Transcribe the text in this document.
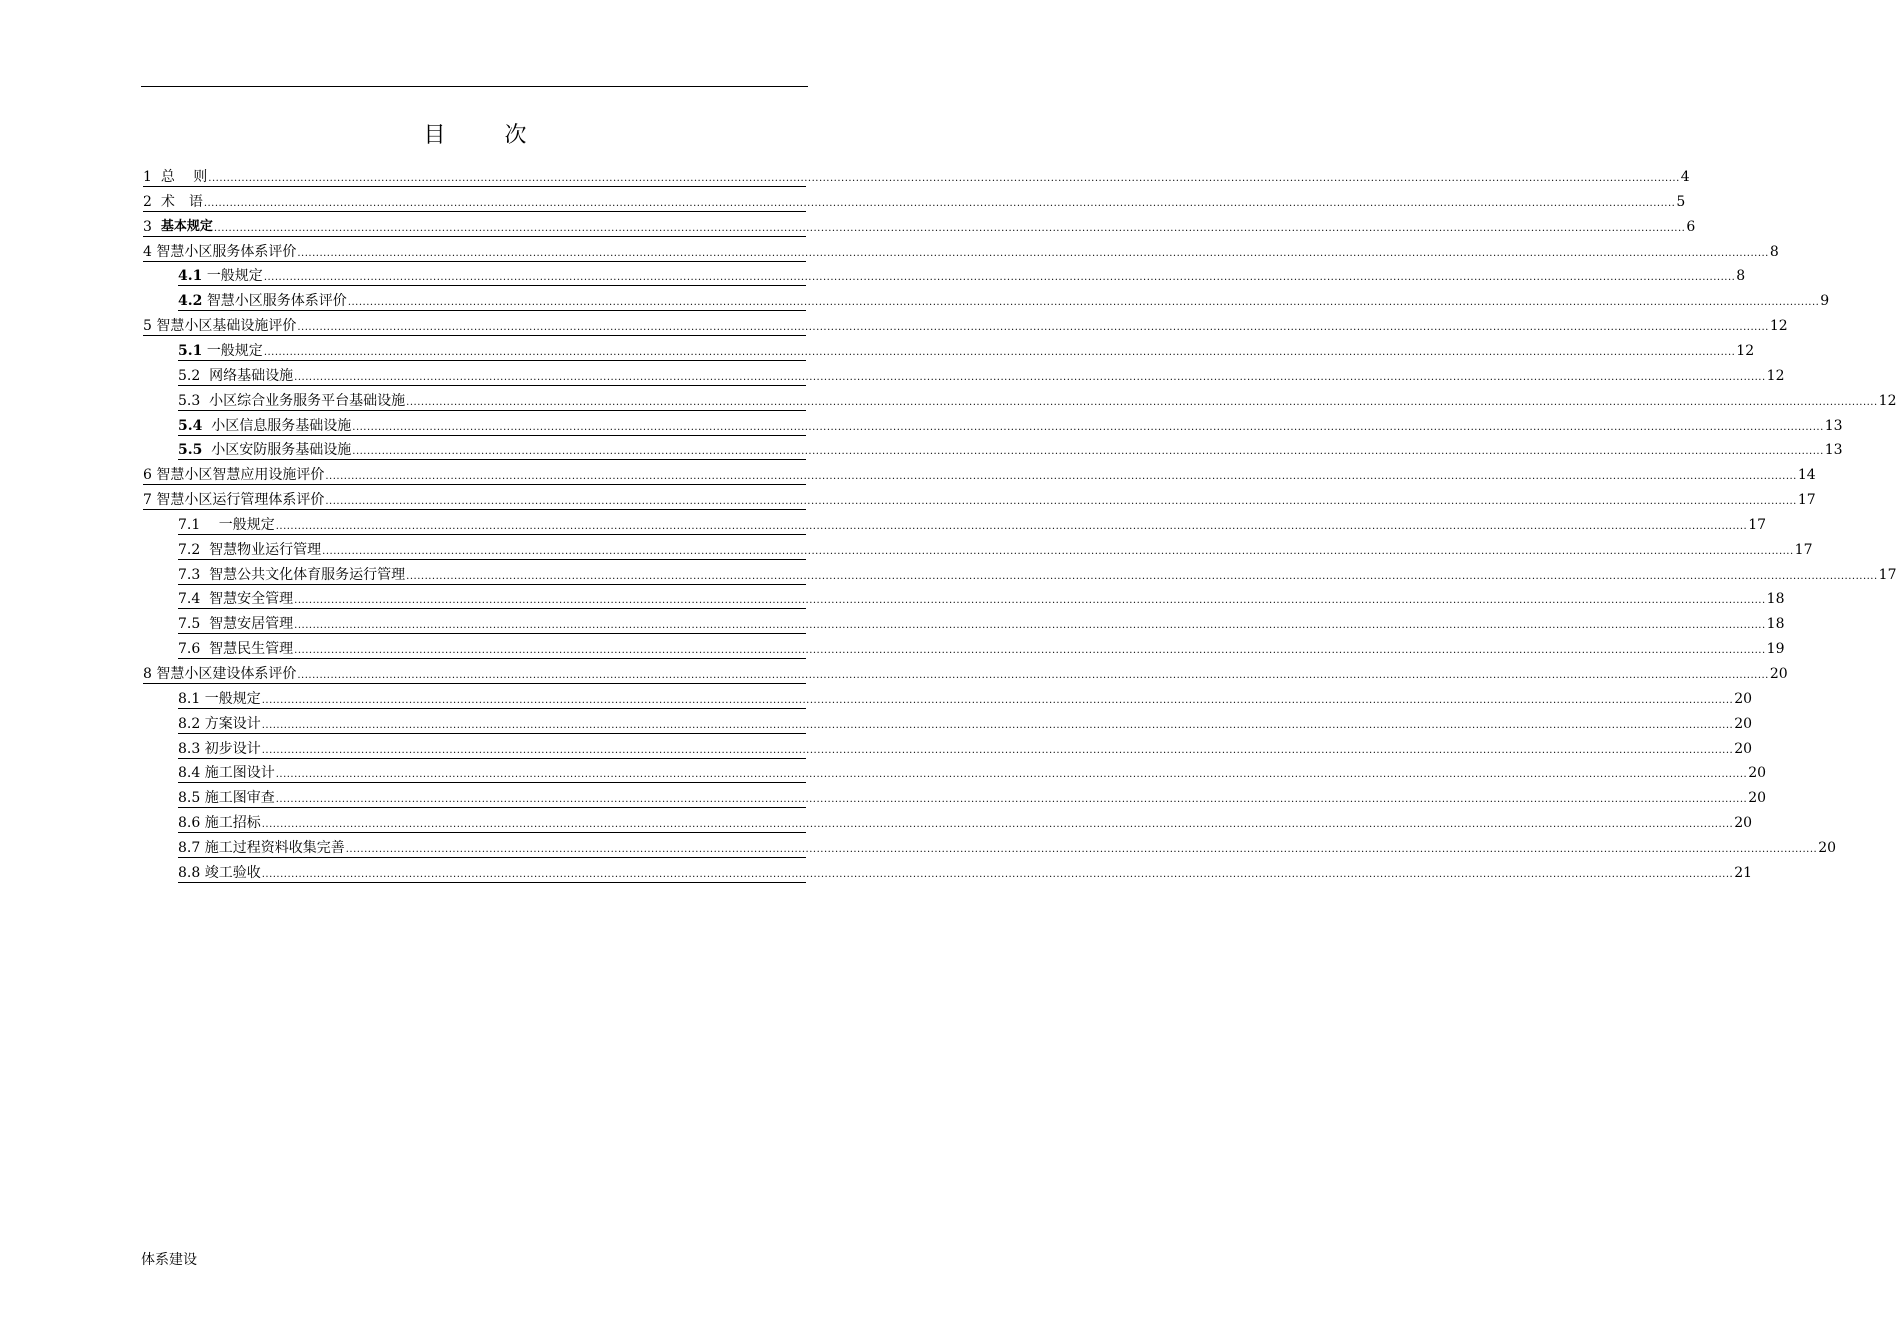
目 次
1
总　 则 ................................................................................................................................................................................................................................................................................................................................................................................................................ 4
2
术　语 ................................................................................................................................................................................................................................................................................................................................................................................................................ 5
3
基本规定 ................................................................................................................................................................................................................................................................................................................................................................................................................ 6
4
智慧小区服务体系评价 ................................................................................................................................................................................................................................................................................................................................................................................................................ 8
4.1
一般规定 ................................................................................................................................................................................................................................................................................................................................................................................................................ 8
4.2
智慧小区服务体系评价 ................................................................................................................................................................................................................................................................................................................................................................................................................ 9
5
智慧小区基础设施评价 ................................................................................................................................................................................................................................................................................................................................................................................................................ 12
5.1
一般规定 ................................................................................................................................................................................................................................................................................................................................................................................................................ 12
5.2
网络基础设施 ................................................................................................................................................................................................................................................................................................................................................................................................................ 12
5.3
小区综合业务服务平台基础设施 ................................................................................................................................................................................................................................................................................................................................................................................................................ 12
5.4
小区信息服务基础设施 ................................................................................................................................................................................................................................................................................................................................................................................................................ 13
5.5
小区安防服务基础设施 ................................................................................................................................................................................................................................................................................................................................................................................................................ 13
6
智慧小区智慧应用设施评价 ................................................................................................................................................................................................................................................................................................................................................................................................................ 14
7
智慧小区运行管理体系评价 ................................................................................................................................................................................................................................................................................................................................................................................................................ 17
7.1
　 一般规定 ................................................................................................................................................................................................................................................................................................................................................................................................................ 17
7.2
智慧物业运行管理 ................................................................................................................................................................................................................................................................................................................................................................................................................ 17
7.3
智慧公共文化体育服务运行管理 ................................................................................................................................................................................................................................................................................................................................................................................................................ 17
7.4
智慧安全管理 ................................................................................................................................................................................................................................................................................................................................................................................................................ 18
7.5
智慧安居管理 ................................................................................................................................................................................................................................................................................................................................................................................................................ 18
7.6
智慧民生管理 ................................................................................................................................................................................................................................................................................................................................................................................................................ 19
8
智慧小区建设体系评价 ................................................................................................................................................................................................................................................................................................................................................................................................................ 20
8.1
一般规定 ................................................................................................................................................................................................................................................................................................................................................................................................................ 20
8.2
方案设计 ................................................................................................................................................................................................................................................................................................................................................................................................................ 20
8.3
初步设计 ................................................................................................................................................................................................................................................................................................................................................................................................................ 20
8.4
施工图设计 ................................................................................................................................................................................................................................................................................................................................................................................................................ 20
8.5
施工图审查 ................................................................................................................................................................................................................................................................................................................................................................................................................ 20
8.6
施工招标 ................................................................................................................................................................................................................................................................................................................................................................................................................ 20
8.7
施工过程资料收集完善 ................................................................................................................................................................................................................................................................................................................................................................................................................ 20
8.8
竣工验收 ................................................................................................................................................................................................................................................................................................................................................................................................................ 21
体系建设
